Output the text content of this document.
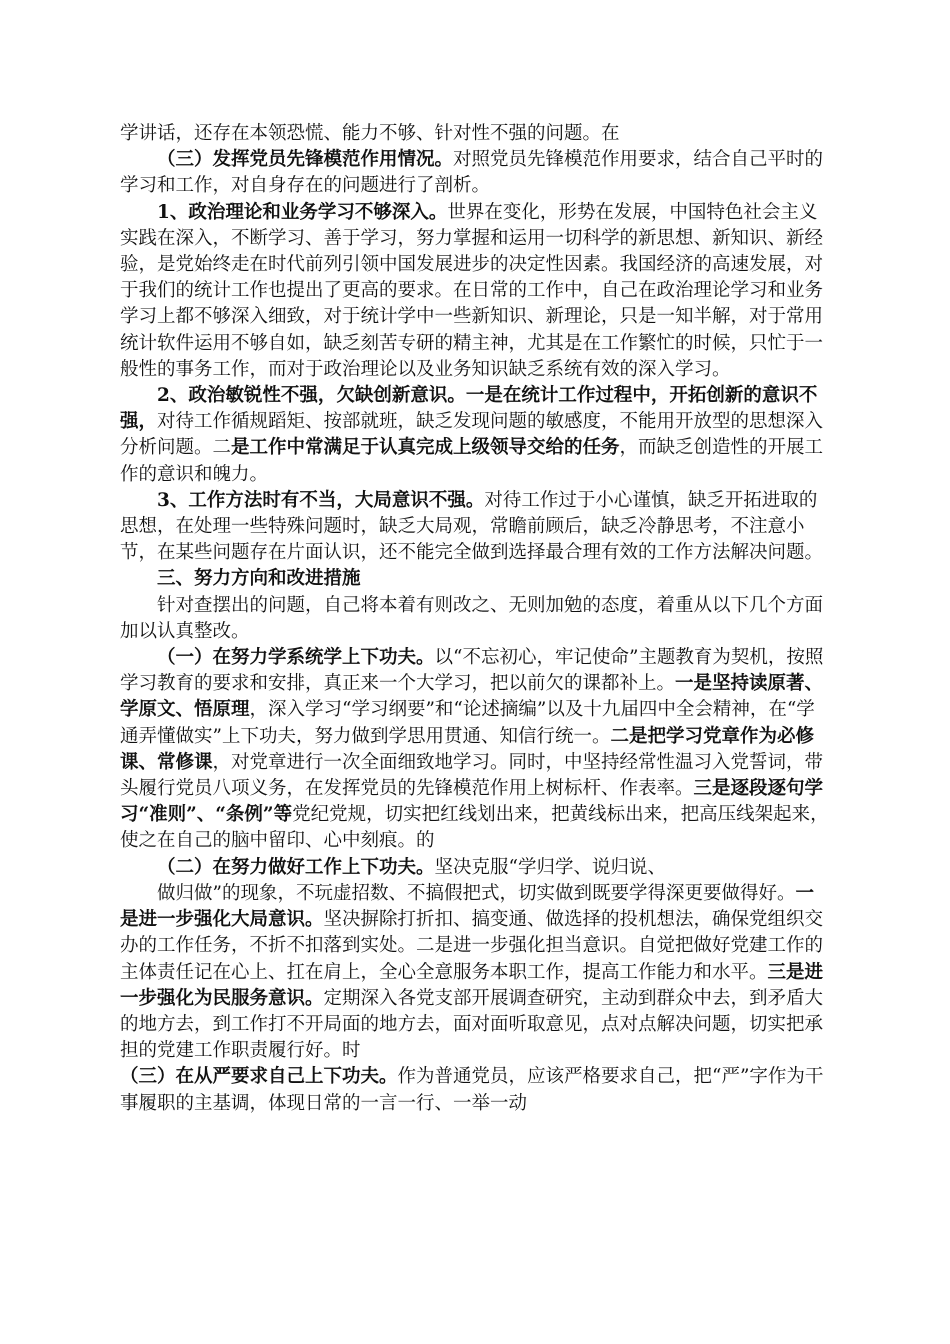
学讲话，还存在本领恐慌、能力不够、针对性不强的问题。在

（三）发挥党员先锋模范作用情况。对照党员先锋模范作用要求，结合自己平时的学习和工作，对自身存在的问题进行了剖析。

1、政治理论和业务学习不够深入。世界在变化，形势在发展，中国特色社会主义实践在深入，不断学习、善于学习，努力掌握和运用一切科学的新思想、新知识、新经验，是党始终走在时代前列引领中国发展进步的决定性因素。我国经济的高速发展，对于我们的统计工作也提出了更高的要求。在日常的工作中，自己在政治理论学习和业务学习上都不够深入细致，对于统计学中一些新知识、新理论，只是一知半解，对于常用统计软件运用不够自如，缺乏刻苦专研的精主神，尤其是在工作繁忙的时候，只忙于一般性的事务工作，而对于政治理论以及业务知识缺乏系统有效的深入学习。

2、政治敏锐性不强，欠缺创新意识。一是在统计工作过程中，开拓创新的意识不强，对待工作循规蹈矩、按部就班，缺乏发现问题的敏感度，不能用开放型的思想深入分析问题。二是工作中常满足于认真完成上级领导交给的任务，而缺乏创造性的开展工作的意识和魄力。

3、工作方法时有不当，大局意识不强。对待工作过于小心谨慎，缺乏开拓进取的思想，在处理一些特殊问题时，缺乏大局观，常瞻前顾后，缺乏冷静思考，不注意小节，在某些问题存在片面认识，还不能完全做到选择最合理有效的工作方法解决问题。

三、努力方向和改进措施

针对查摆出的问题，自己将本着有则改之、无则加勉的态度，着重从以下几个方面加以认真整改。

（一）在努力学系统学上下功夫。以“不忘初心，牢记使命”主题教育为契机，按照学习教育的要求和安排，真正来一个大学习，把以前欠的课都补上。一是坚持读原著、学原文、悟原理，深入学习“学习纲要”和“论述摘编”以及十九届四中全会精神，在“学通弄懂做实”上下功夫，努力做到学思用贯通、知信行统一。二是把学习党章作为必修课、常修课，对党章进行一次全面细致地学习。同时，中坚持经常性温习入党誓词，带头履行党员八项义务，在发挥党员的先锋模范作用上树标杆、作表率。三是逐段逐句学习“准则”、“条例”等党纪党规，切实把红线划出来，把黄线标出来，把高压线架起来，使之在自己的脑中留印、心中刻痕。的

（二）在努力做好工作上下功夫。坚决克服“学归学、说归说、

做归做”的现象，不玩虚招数、不搞假把式，切实做到既要学得深更要做得好。一是进一步强化大局意识。坚决摒除打折扣、搞变通、做选择的投机想法，确保党组织交办的工作任务，不折不扣落到实处。二是进一步强化担当意识。自觉把做好党建工作的主体责任记在心上、扛在肩上，全心全意服务本职工作，提高工作能力和水平。三是进一步强化为民服务意识。定期深入各党支部开展调查研究，主动到群众中去，到矛盾大的地方去，到工作打不开局面的地方去，面对面听取意见，点对点解决问题，切实把承担的党建工作职责履行好。时

（三）在从严要求自己上下功夫。作为普通党员，应该严格要求自己，把“严”字作为干事履职的主基调，体现日常的一言一行、一举一动
